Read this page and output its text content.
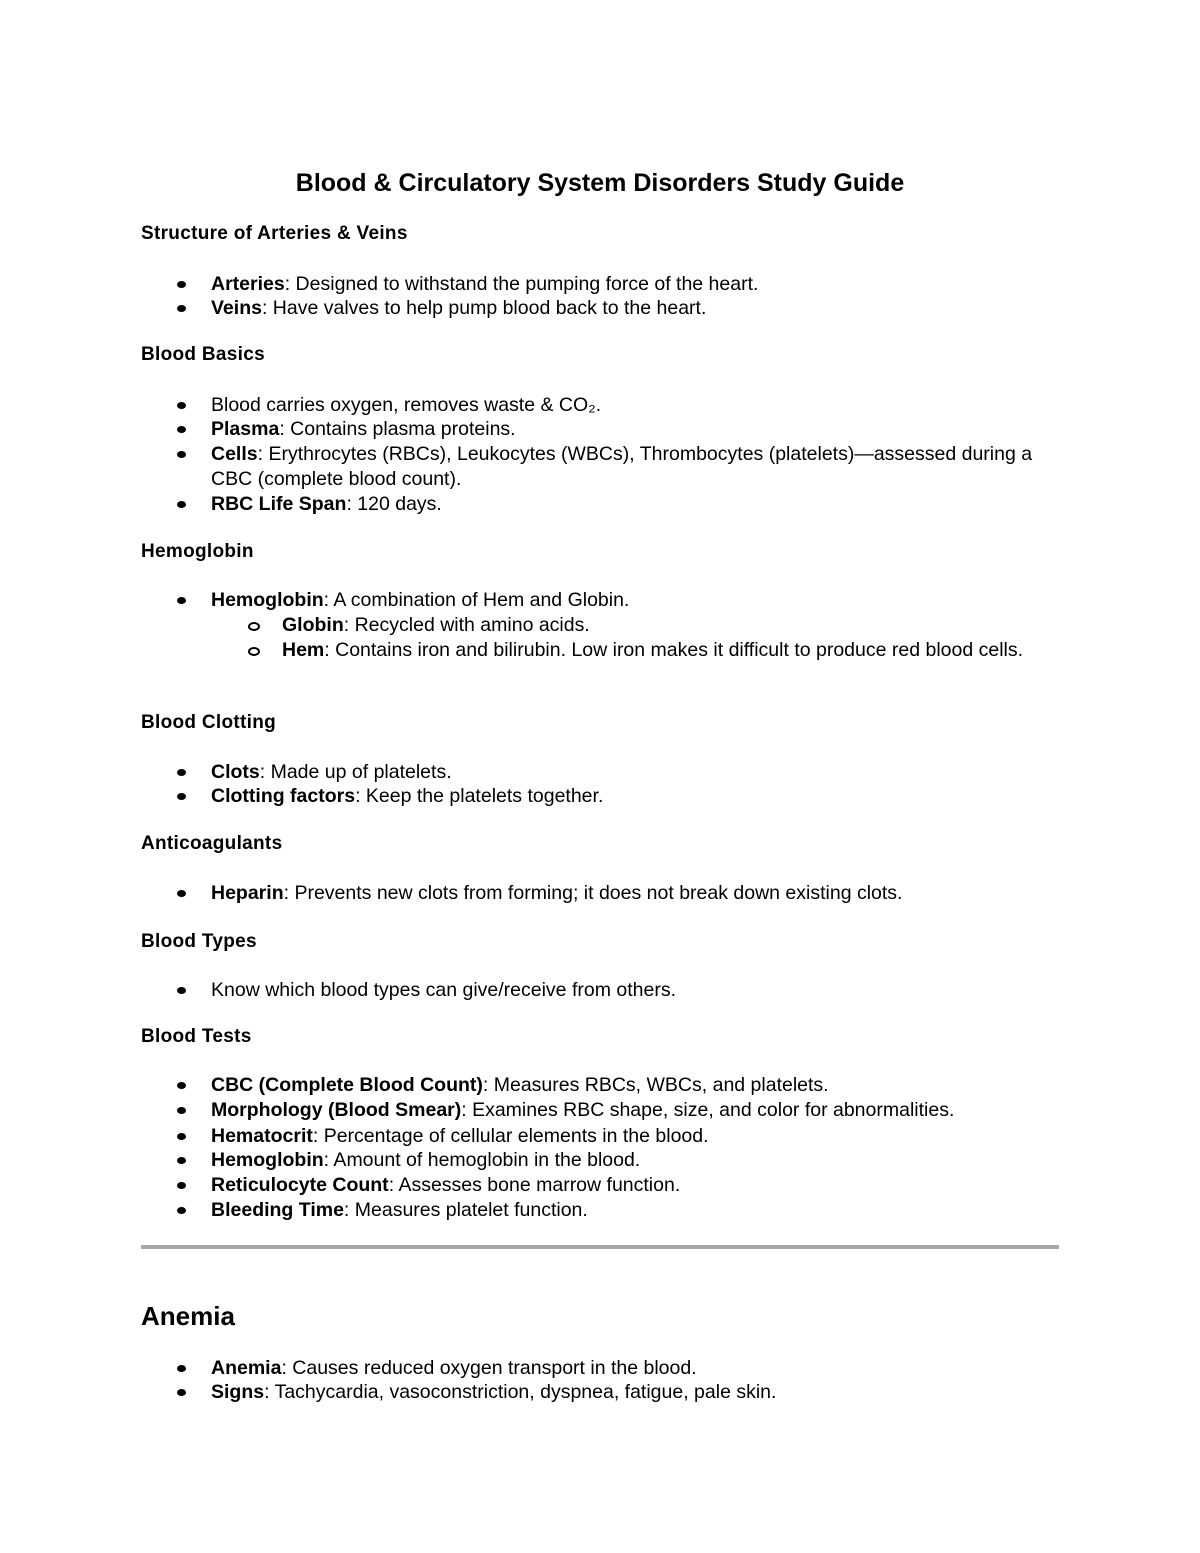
Blood & Circulatory System Disorders Study Guide
Structure of Arteries & Veins
Arteries: Designed to withstand the pumping force of the heart.
Veins: Have valves to help pump blood back to the heart.
Blood Basics
Blood carries oxygen, removes waste & CO₂.
Plasma: Contains plasma proteins.
Cells: Erythrocytes (RBCs), Leukocytes (WBCs), Thrombocytes (platelets)—assessed during a CBC (complete blood count).
RBC Life Span: 120 days.
Hemoglobin
Hemoglobin: A combination of Hem and Globin.
Globin: Recycled with amino acids.
Hem: Contains iron and bilirubin. Low iron makes it difficult to produce red blood cells.
Blood Clotting
Clots: Made up of platelets.
Clotting factors: Keep the platelets together.
Anticoagulants
Heparin: Prevents new clots from forming; it does not break down existing clots.
Blood Types
Know which blood types can give/receive from others.
Blood Tests
CBC (Complete Blood Count): Measures RBCs, WBCs, and platelets.
Morphology (Blood Smear): Examines RBC shape, size, and color for abnormalities.
Hematocrit: Percentage of cellular elements in the blood.
Hemoglobin: Amount of hemoglobin in the blood.
Reticulocyte Count: Assesses bone marrow function.
Bleeding Time: Measures platelet function.
Anemia
Anemia: Causes reduced oxygen transport in the blood.
Signs: Tachycardia, vasoconstriction, dyspnea, fatigue, pale skin.
